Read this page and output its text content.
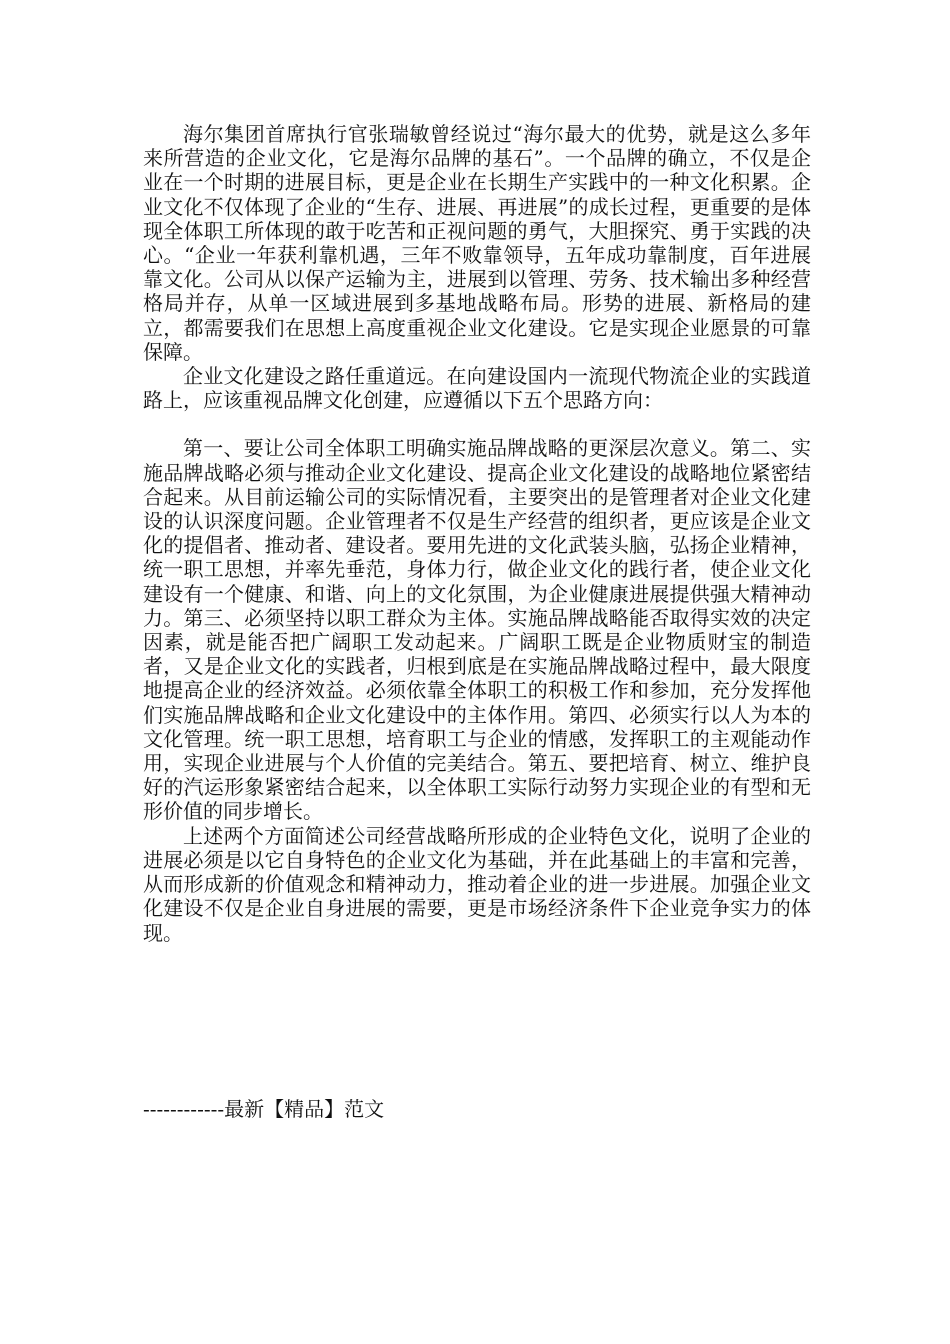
海尔集团首席执行官张瑞敏曾经说过“海尔最大的优势，就是这么多年来所营造的企业文化，它是海尔品牌的基石”。一个品牌的确立，不仅是企业在一个时期的进展目标，更是企业在长期生产实践中的一种文化积累。企业文化不仅体现了企业的“生存、进展、再进展”的成长过程，更重要的是体现全体职工所体现的敢于吃苦和正视问题的勇气，大胆探究、勇于实践的决心。“企业一年获利靠机遇，三年不败靠领导，五年成功靠制度，百年进展靠文化。公司从以保产运输为主，进展到以管理、劳务、技术输出多种经营格局并存，从单一区域进展到多基地战略布局。形势的进展、新格局的建立，都需要我们在思想上高度重视企业文化建设。它是实现企业愿景的可靠保障。

企业文化建设之路任重道远。在向建设国内一流现代物流企业的实践道路上，应该重视品牌文化创建，应遵循以下五个思路方向：

第一、要让公司全体职工明确实施品牌战略的更深层次意义。第二、实施品牌战略必须与推动企业文化建设、提高企业文化建设的战略地位紧密结合起来。从目前运输公司的实际情况看，主要突出的是管理者对企业文化建设的认识深度问题。企业管理者不仅是生产经营的组织者，更应该是企业文化的提倡者、推动者、建设者。要用先进的文化武装头脑，弘扬企业精神，统一职工思想，并率先垂范，身体力行，做企业文化的践行者，使企业文化建设有一个健康、和谐、向上的文化氛围，为企业健康进展提供强大精神动力。第三、必须坚持以职工群众为主体。实施品牌战略能否取得实效的决定因素，就是能否把广阔职工发动起来。广阔职工既是企业物质财宝的制造者，又是企业文化的实践者，归根到底是在实施品牌战略过程中，最大限度地提高企业的经济效益。必须依靠全体职工的积极工作和参加，充分发挥他们实施品牌战略和企业文化建设中的主体作用。第四、必须实行以人为本的文化管理。统一职工思想，培育职工与企业的情感，发挥职工的主观能动作用，实现企业进展与个人价值的完美结合。第五、要把培育、树立、维护良好的汽运形象紧密结合起来，以全体职工实际行动努力实现企业的有型和无形价值的同步增长。

上述两个方面简述公司经营战略所形成的企业特色文化，说明了企业的进展必须是以它自身特色的企业文化为基础，并在此基础上的丰富和完善，从而形成新的价值观念和精神动力，推动着企业的进一步进展。加强企业文化建设不仅是企业自身进展的需要，更是市场经济条件下企业竞争实力的体现。

------------最新【精品】范文
